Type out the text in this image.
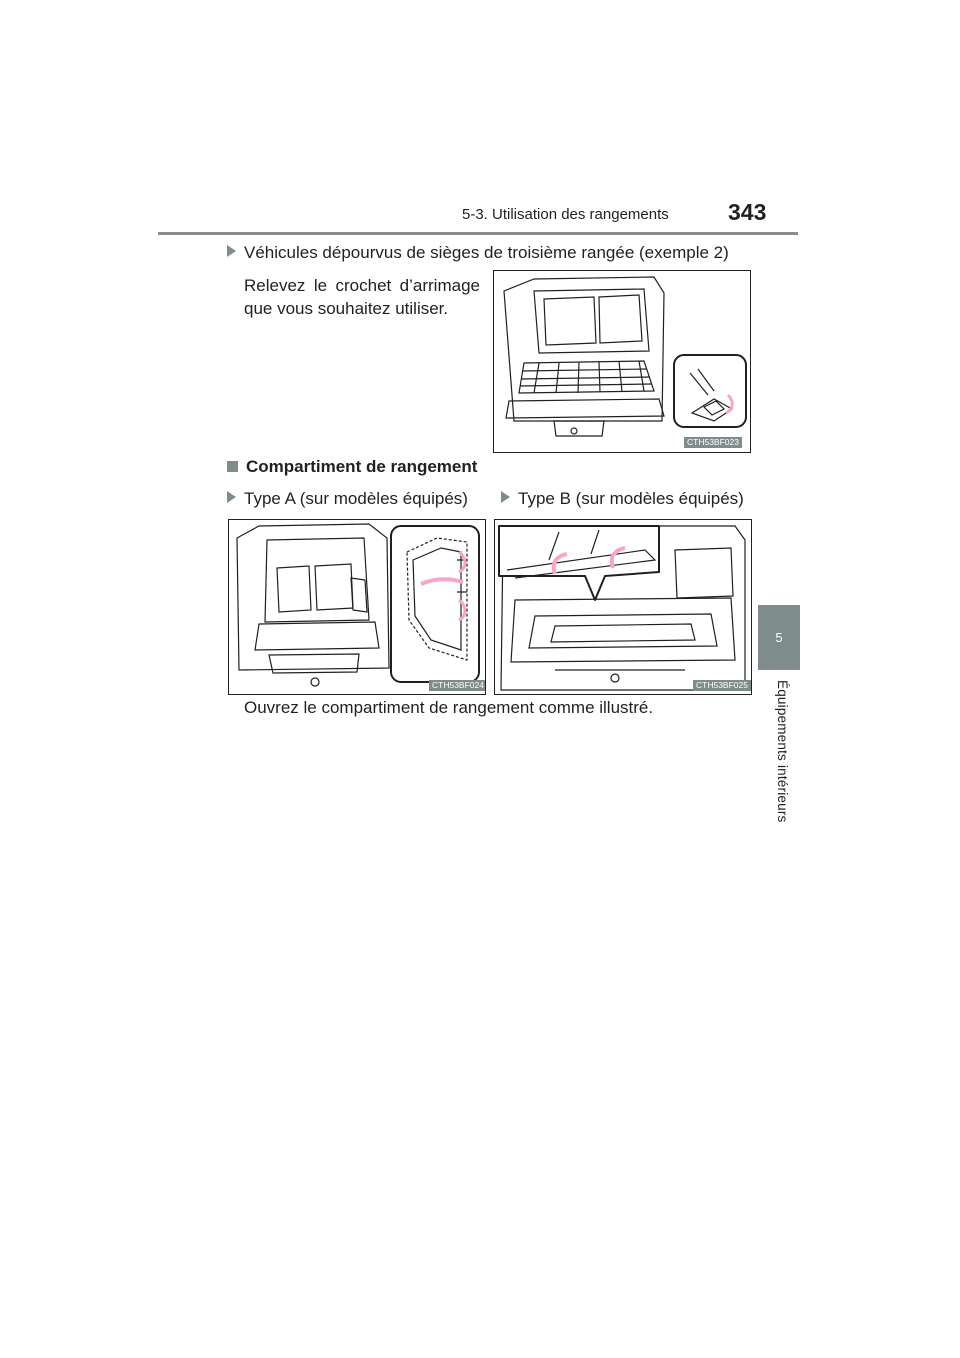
5-3. Utilisation des rangements	343
5
Équipements intérieurs
Véhicules dépourvus de sièges de troisième rangée (exemple 2)
Relevez le crochet d’arrimage que vous souhaitez utiliser.
CTH53BF023
Compartiment de rangement
Type A (sur modèles équipés)	Type B (sur modèles équipés)
CTH53BF024	CTH53BF025
Ouvrez le compartiment de rangement comme illustré.
